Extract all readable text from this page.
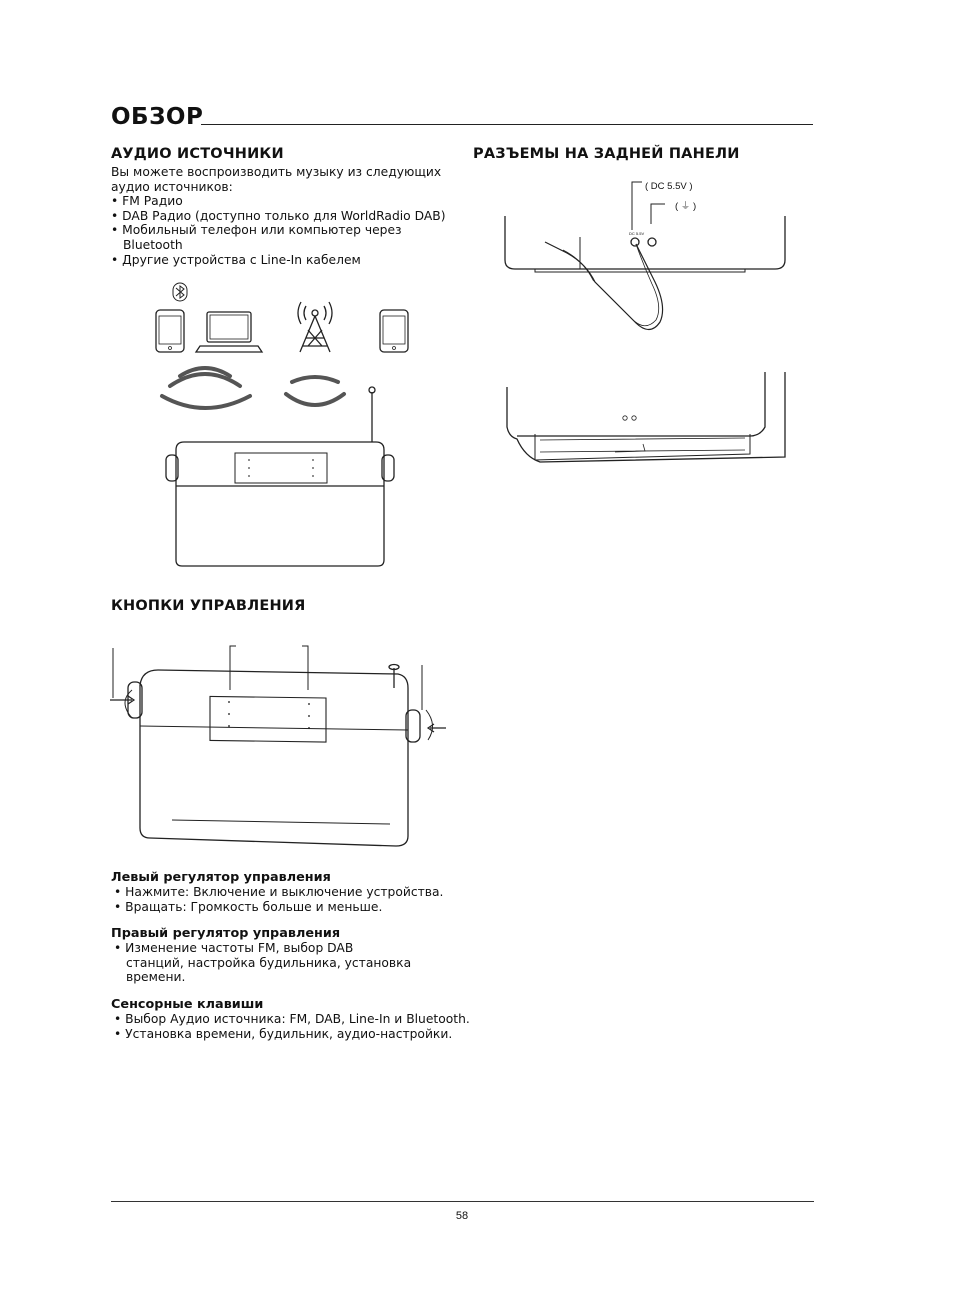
ОБЗОР
АУДИО ИСТОЧНИКИ
Вы можете воспроизводить музыку из следующих аудио источников:
• FM Радио
• DAB Радио (доступно только для WorldRadio DAB)
• Мобильный телефон или компьютер через Bluetooth
• Другие устройства с Line-In кабелем
РАЗЪЕМЫ НА ЗАДНЕЙ ПАНЕЛИ
( DC 5.5V )
( ⏚ )
DC 5.5V
КНОПКИ УПРАВЛЕНИЯ
Левый регулятор управления
• Нажмите: Включение и выключение устройства.
• Вращать: Громкость больше и меньше.
Правый регулятор управления
• Изменение частоты FM, выбор DAB станций, настройка будильника, установка времени.
Сенсорные клавиши
• Выбор Аудио источника: FM, DAB, Line-In и Bluetooth.
• Установка времени, будильник, аудио-настройки.
58
